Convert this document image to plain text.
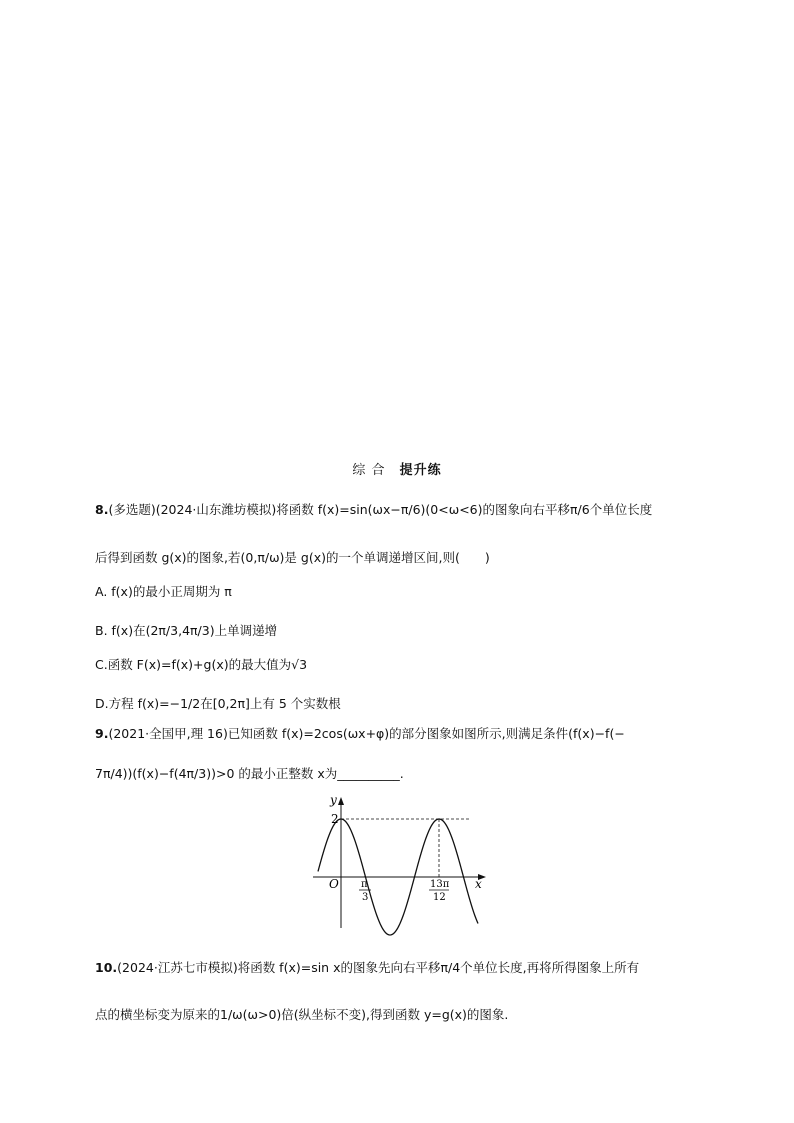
综 合 提升练
8.(多选题)(2024·山东潍坊模拟)将函数 f(x)=sin(ωx−π/6)(0<ω<6)的图象向右平移π/6个单位长度
后得到函数 g(x)的图象,若(0,π/ω)是 g(x)的一个单调递增区间,则(　　)
A. f(x)的最小正周期为 π
B. f(x)在(2π/3,4π/3)上单调递增
C.函数 F(x)=f(x)+g(x)的最大值为√3
D.方程 f(x)=−1/2在[0,2π]上有 5 个实数根
9.(2021·全国甲,理 16)已知函数 f(x)=2cos(ωx+φ)的部分图象如图所示,则满足条件(f(x)−f(−
7π/4))(f(x)−f(4π/3))>0 的最小正整数 x为__________.
y
x
O
2
π
3
13π
12
10.(2024·江苏七市模拟)将函数 f(x)=sin x的图象先向右平移π/4个单位长度,再将所得图象上所有
点的横坐标变为原来的1/ω(ω>0)倍(纵坐标不变),得到函数 y=g(x)的图象.
